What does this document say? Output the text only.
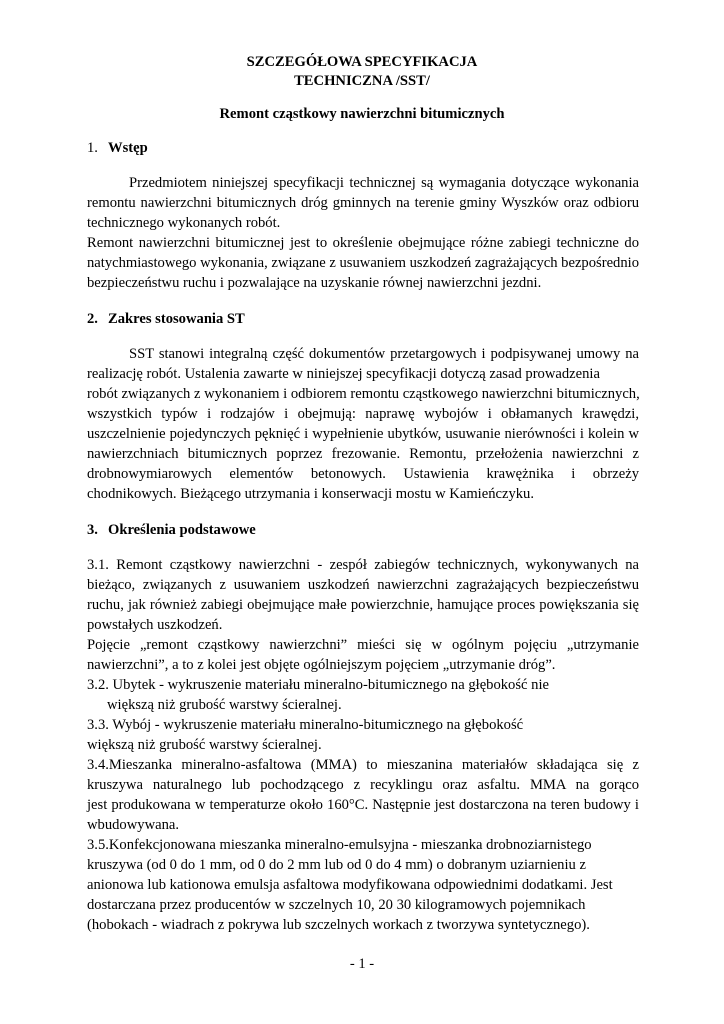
SZCZEGÓŁOWA SPECYFIKACJA
TECHNICZNA /SST/
Remont cząstkowy nawierzchni bitumicznych
1. Wstęp
Przedmiotem niniejszej specyfikacji technicznej są wymagania dotyczące wykonania
remontu nawierzchni bitumicznych dróg gminnych na terenie gminy Wyszków oraz odbioru
technicznego wykonanych robót.
Remont nawierzchni bitumicznej jest to określenie obejmujące różne zabiegi techniczne do
natychmiastowego wykonania, związane z usuwaniem uszkodzeń zagrażających bezpośrednio
bezpieczeństwu ruchu i pozwalające na uzyskanie równej nawierzchni jezdni.
2. Zakres stosowania ST
SST stanowi integralną część dokumentów przetargowych i podpisywanej umowy na
realizację robót. Ustalenia zawarte w niniejszej specyfikacji dotyczą zasad prowadzenia
robót związanych z wykonaniem i odbiorem remontu cząstkowego nawierzchni bitumicznych,
wszystkich typów i rodzajów i obejmują: naprawę wybojów i obłamanych krawędzi,
uszczelnienie pojedynczych pęknięć i wypełnienie ubytków, usuwanie nierówności i kolein w
nawierzchniach bitumicznych poprzez frezowanie. Remontu, przełożenia nawierzchni z
drobnowymiarowych elementów betonowych. Ustawienia krawężnika i obrzeży
chodnikowych. Bieżącego utrzymania i konserwacji mostu w Kamieńczyku.
3. Określenia podstawowe
3.1. Remont cząstkowy nawierzchni - zespół zabiegów technicznych, wykonywanych na
bieżąco, związanych z usuwaniem uszkodzeń nawierzchni zagrażających bezpieczeństwu
ruchu, jak również zabiegi obejmujące małe powierzchnie, hamujące proces powiększania się
powstałych uszkodzeń.
Pojęcie „remont cząstkowy nawierzchni” mieści się w ogólnym pojęciu „utrzymanie
nawierzchni”, a to z kolei jest objęte ogólniejszym pojęciem „utrzymanie dróg”.
3.2. Ubytek - wykruszenie materiału mineralno-bitumicznego na głębokość nie
większą niż grubość warstwy ścieralnej.
3.3. Wybój - wykruszenie materiału mineralno-bitumicznego na głębokość
większą niż grubość warstwy ścieralnej.
3.4.Mieszanka mineralno-asfaltowa (MMA) to mieszanina materiałów składająca się z
kruszywa naturalnego lub pochodzącego z recyklingu oraz asfaltu. MMA na gorąco
jest produkowana w temperaturze około 160°C. Następnie jest dostarczona na teren budowy i
wbudowywana.
3.5.Konfekcjonowana mieszanka mineralno-emulsyjna - mieszanka drobnoziarnistego
kruszywa (od 0 do 1 mm, od 0 do 2 mm lub od 0 do 4 mm) o dobranym uziarnieniu z
anionowa lub kationowa emulsja asfaltowa modyfikowana odpowiednimi dodatkami. Jest
dostarczana przez producentów w szczelnych 10, 20 30 kilogramowych pojemnikach
(hobokach - wiadrach z pokrywa lub szczelnych workach z tworzywa syntetycznego).
- 1 -
